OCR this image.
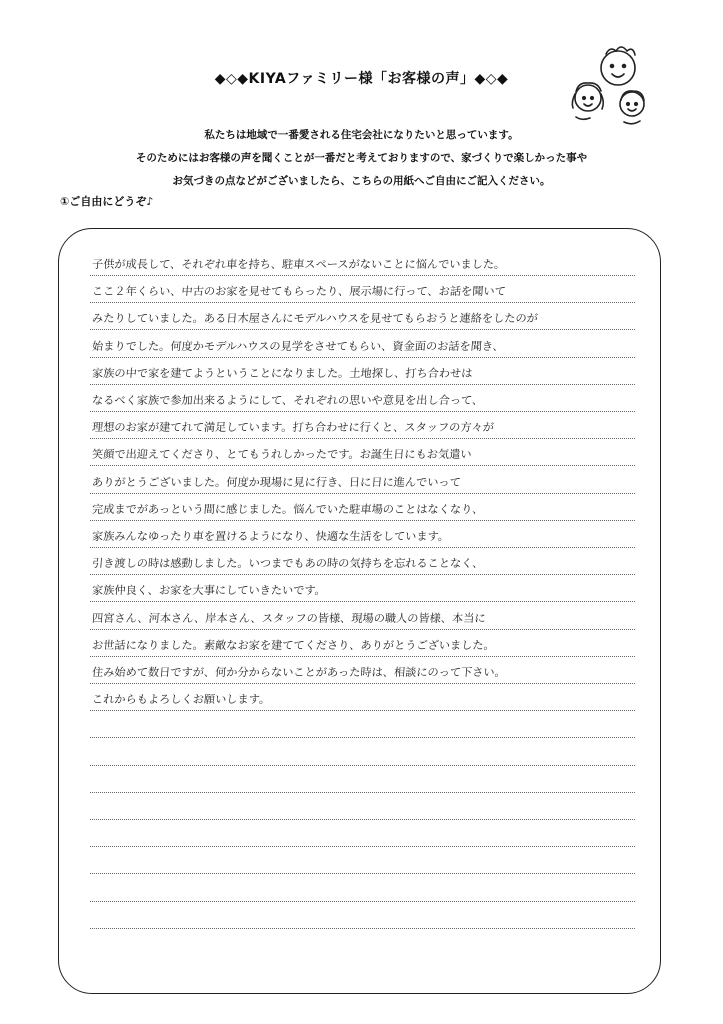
◆◇◆KIYAファミリー様「お客様の声」◆◇◆
私たちは地域で一番愛される住宅会社になりたいと思っています。
そのためにはお客様の声を聞くことが一番だと考えておりますので、家づくりで楽しかった事や
お気づきの点などがございましたら、こちらの用紙へご自由にご記入ください。
①ご自由にどうぞ♪
子供が成長して、それぞれ車を持ち、駐車スペースがないことに悩んでいました。
ここ２年くらい、中古のお家を見せてもらったり、展示場に行って、お話を聞いて
みたりしていました。ある日木屋さんにモデルハウスを見せてもらおうと連絡をしたのが
始まりでした。何度かモデルハウスの見学をさせてもらい、資金面のお話を聞き、
家族の中で家を建てようということになりました。土地探し、打ち合わせは
なるべく家族で参加出来るようにして、それぞれの思いや意見を出し合って、
理想のお家が建てれて満足しています。打ち合わせに行くと、スタッフの方々が
笑顔で出迎えてくださり、とてもうれしかったです。お誕生日にもお気遣い
ありがとうございました。何度か現場に見に行き、日に日に進んでいって
完成までがあっという間に感じました。悩んでいた駐車場のことはなくなり、
家族みんなゆったり車を置けるようになり、快適な生活をしています。
引き渡しの時は感動しました。いつまでもあの時の気持ちを忘れることなく、
家族仲良く、お家を大事にしていきたいです。
四宮さん、河本さん、岸本さん、スタッフの皆様、現場の職人の皆様、本当に
お世話になりました。素敵なお家を建ててくださり、ありがとうございました。
住み始めて数日ですが、何か分からないことがあった時は、相談にのって下さい。
これからもよろしくお願いします。
